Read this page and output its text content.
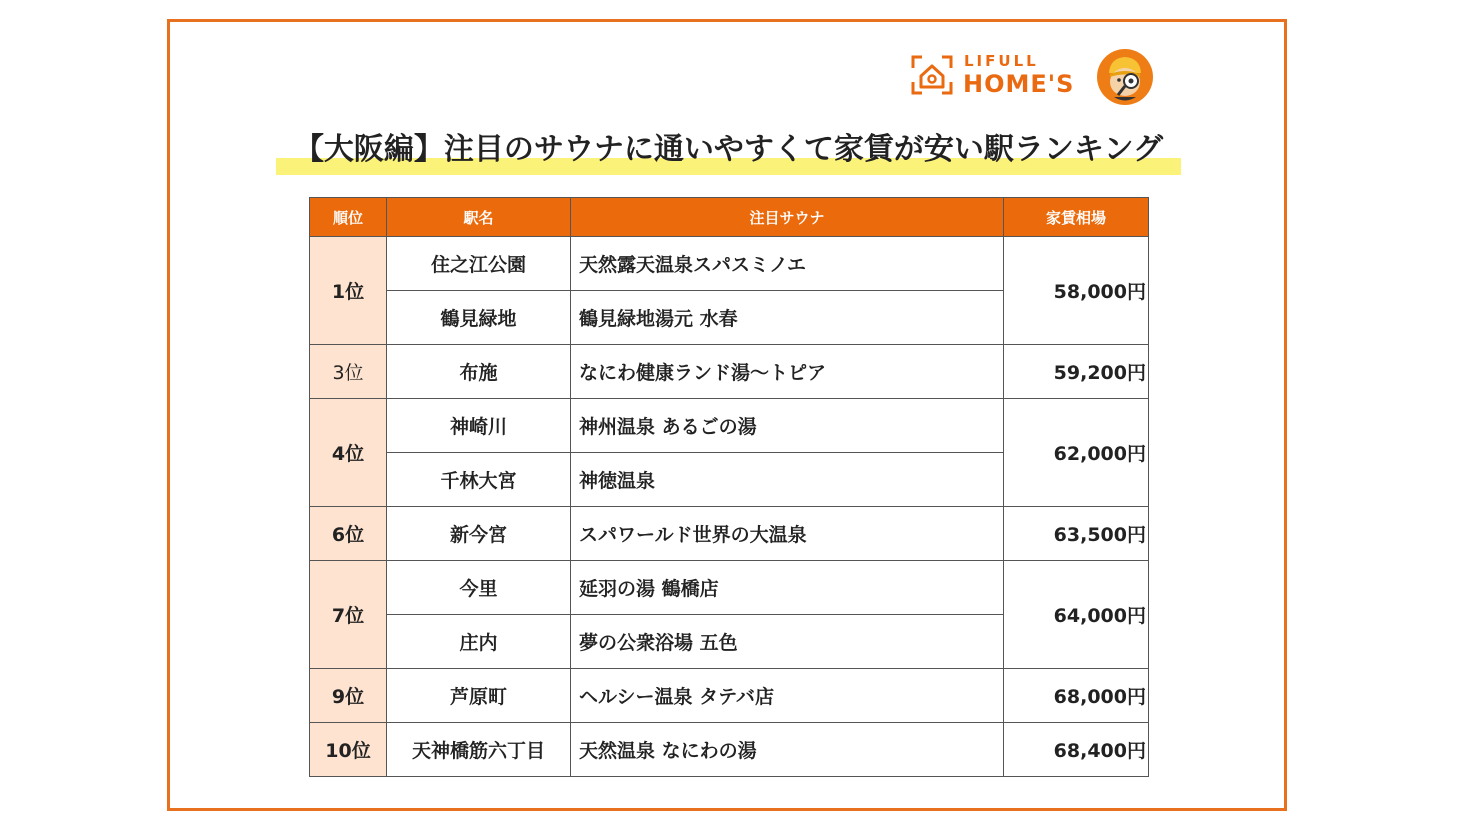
LIFULL
HOME'S
【大阪編】注目のサウナに通いやすくて家賃が安い駅ランキング
順位	駅名	注目サウナ	家賃相場
1位	住之江公園	天然露天温泉スパスミノエ	58,000円
	鶴見緑地	鶴見緑地湯元 水春	
3位	布施	なにわ健康ランド湯～トピア	59,200円
4位	神崎川	神州温泉 あるごの湯	62,000円
	千林大宮	神徳温泉	
6位	新今宮	スパワールド世界の大温泉	63,500円
7位	今里	延羽の湯 鶴橋店	64,000円
	庄内	夢の公衆浴場 五色	
9位	芦原町	ヘルシー温泉 タテバ店	68,000円
10位	天神橋筋六丁目	天然温泉 なにわの湯	68,400円
